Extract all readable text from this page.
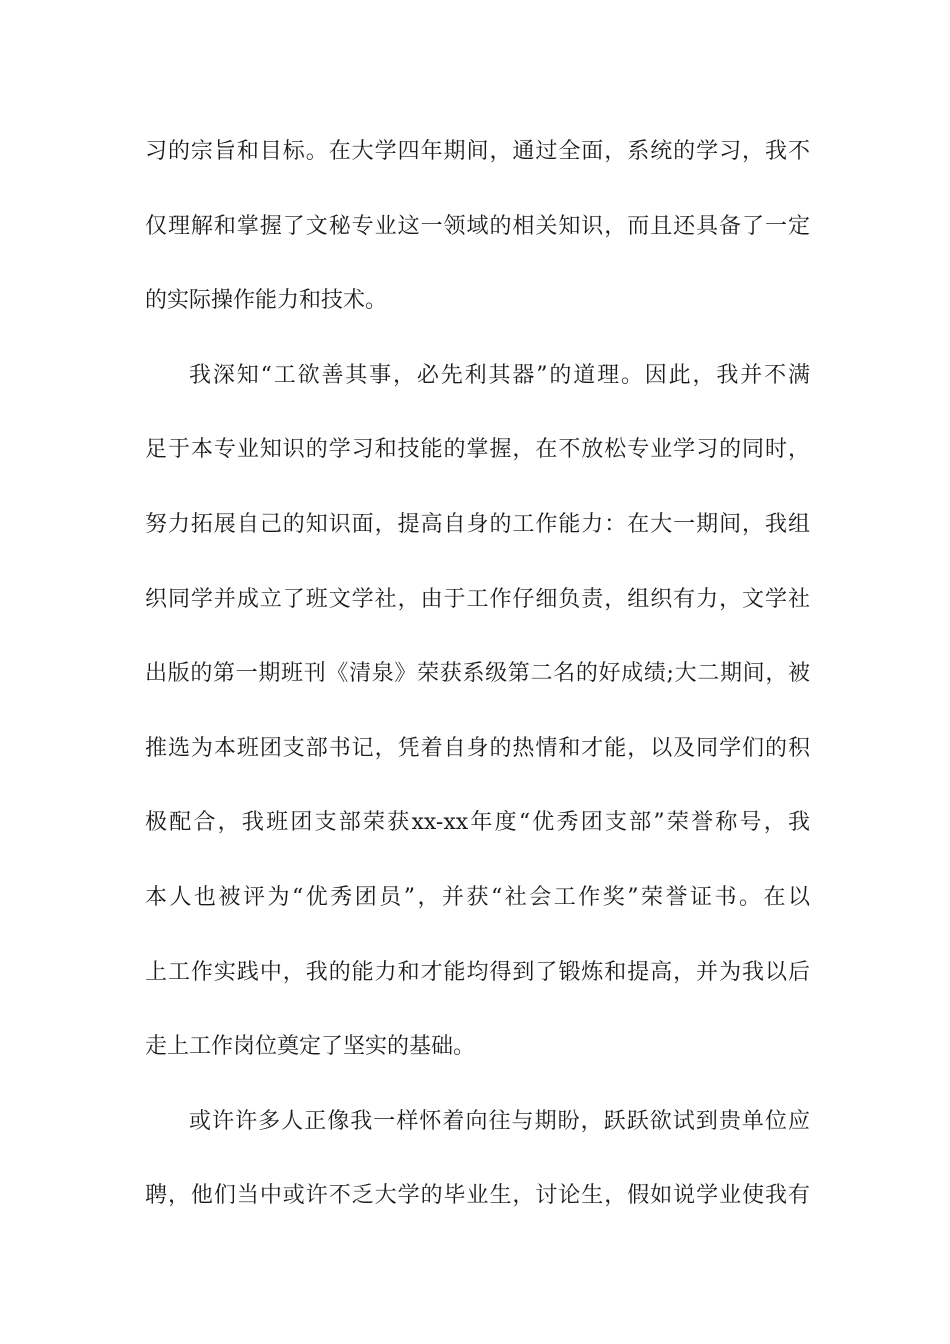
习的宗旨和目标。在大学四年期间，通过全面，系统的学习，我不
仅理解和掌握了文秘专业这一领域的相关知识，而且还具备了一定
的实际操作能力和技术。
我深知“工欲善其事，必先利其器”的道理。因此，我并不满
足于本专业知识的学习和技能的掌握，在不放松专业学习的同时，
努力拓展自己的知识面，提高自身的工作能力：在大一期间，我组
织同学并成立了班文学社，由于工作仔细负责，组织有力，文学社
出版的第一期班刊《清泉》荣获系级第二名的好成绩;大二期间，被
推选为本班团支部书记，凭着自身的热情和才能，以及同学们的积
极配合，我班团支部荣获xx-xx年度“优秀团支部”荣誉称号，我
本人也被评为“优秀团员”，并获“社会工作奖”荣誉证书。在以
上工作实践中，我的能力和才能均得到了锻炼和提高，并为我以后
走上工作岗位奠定了坚实的基础。
或许许多人正像我一样怀着向往与期盼，跃跃欲试到贵单位应
聘，他们当中或许不乏大学的毕业生，讨论生，假如说学业使我有
